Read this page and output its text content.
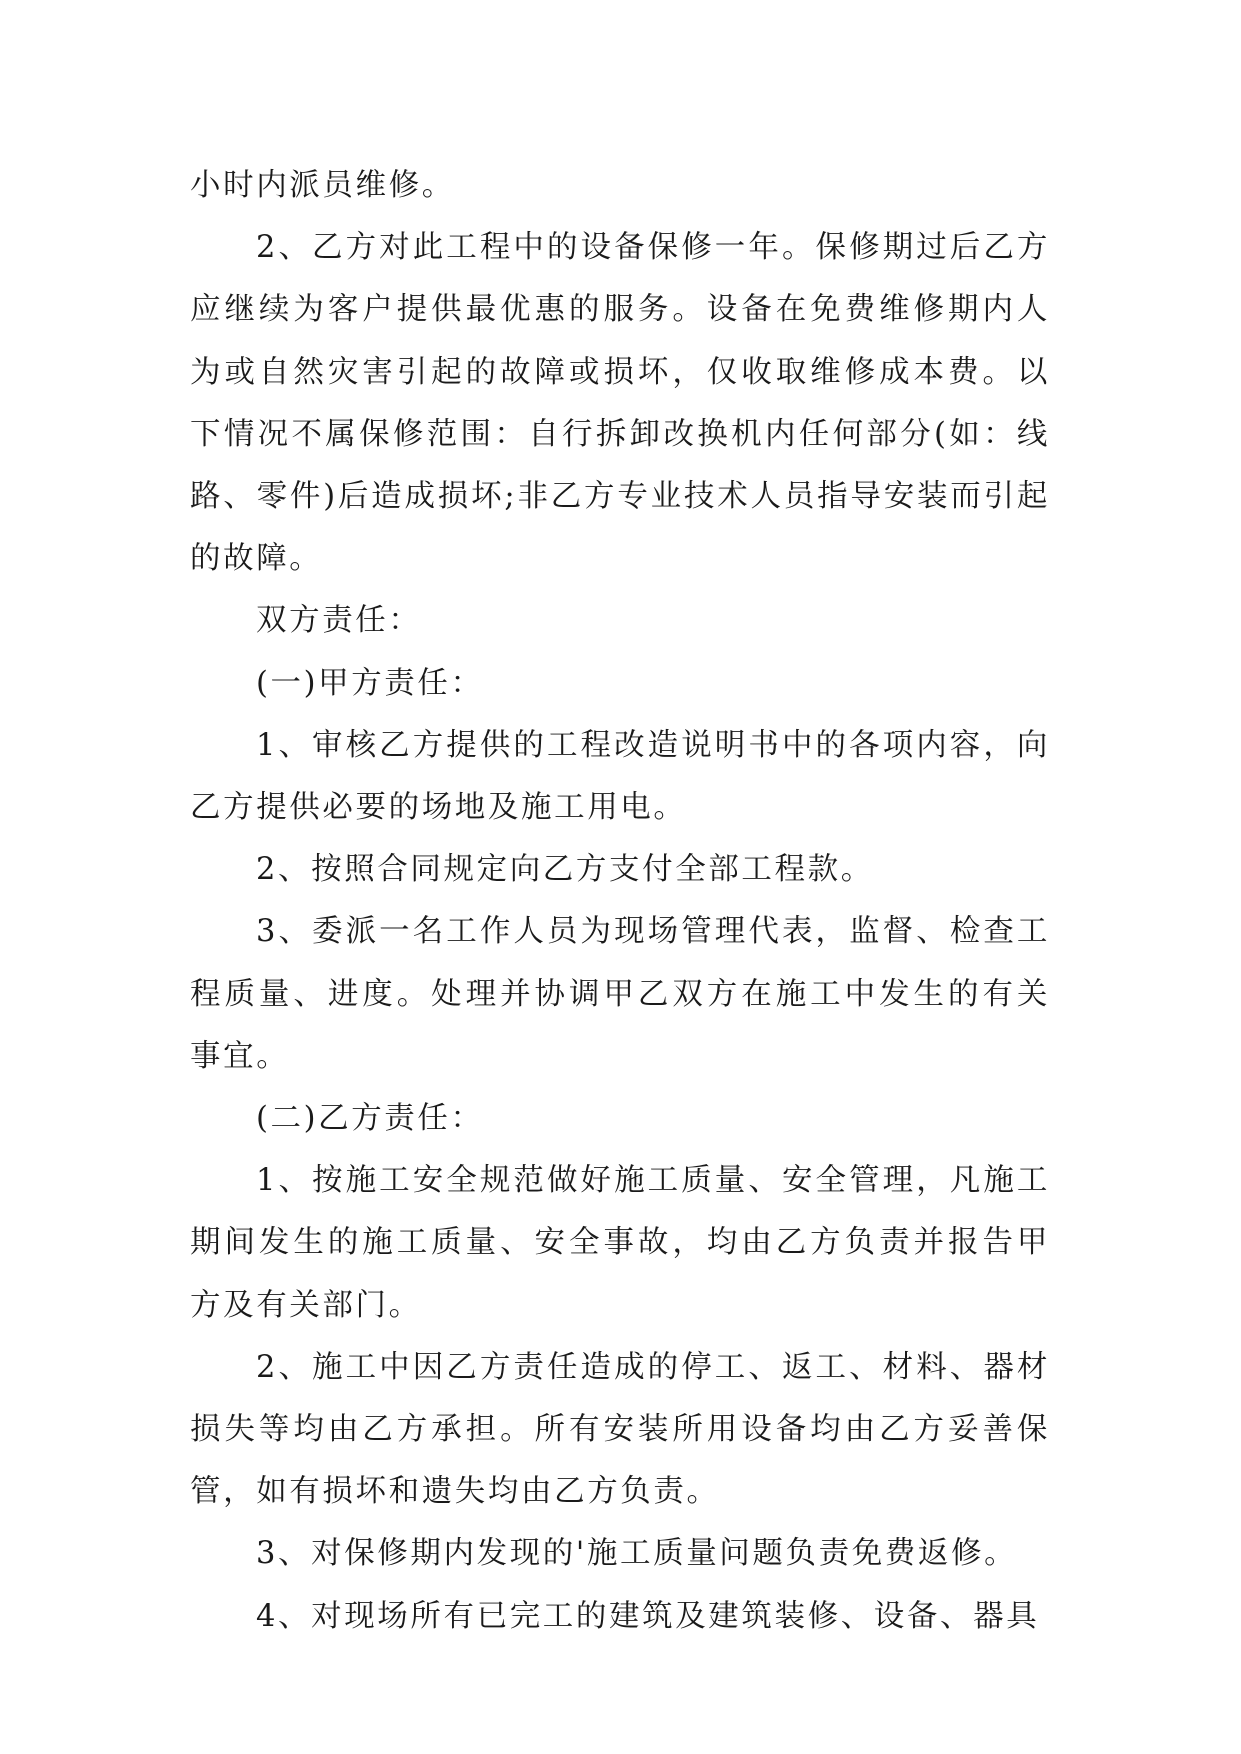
小时内派员维修。

2、乙方对此工程中的设备保修一年。保修期过后乙方应继续为客户提供最优惠的服务。设备在免费维修期内人为或自然灾害引起的故障或损坏，仅收取维修成本费。以下情况不属保修范围：自行拆卸改换机内任何部分(如：线路、零件)后造成损坏;非乙方专业技术人员指导安装而引起的故障。

双方责任：

(一)甲方责任：

1、审核乙方提供的工程改造说明书中的各项内容，向乙方提供必要的场地及施工用电。

2、按照合同规定向乙方支付全部工程款。

3、委派一名工作人员为现场管理代表，监督、检查工程质量、进度。处理并协调甲乙双方在施工中发生的有关事宜。

(二)乙方责任：

1、按施工安全规范做好施工质量、安全管理，凡施工期间发生的施工质量、安全事故，均由乙方负责并报告甲方及有关部门。

2、施工中因乙方责任造成的停工、返工、材料、器材损失等均由乙方承担。所有安装所用设备均由乙方妥善保管，如有损坏和遗失均由乙方负责。

3、对保修期内发现的'施工质量问题负责免费返修。

4、对现场所有已完工的建筑及建筑装修、设备、器具
